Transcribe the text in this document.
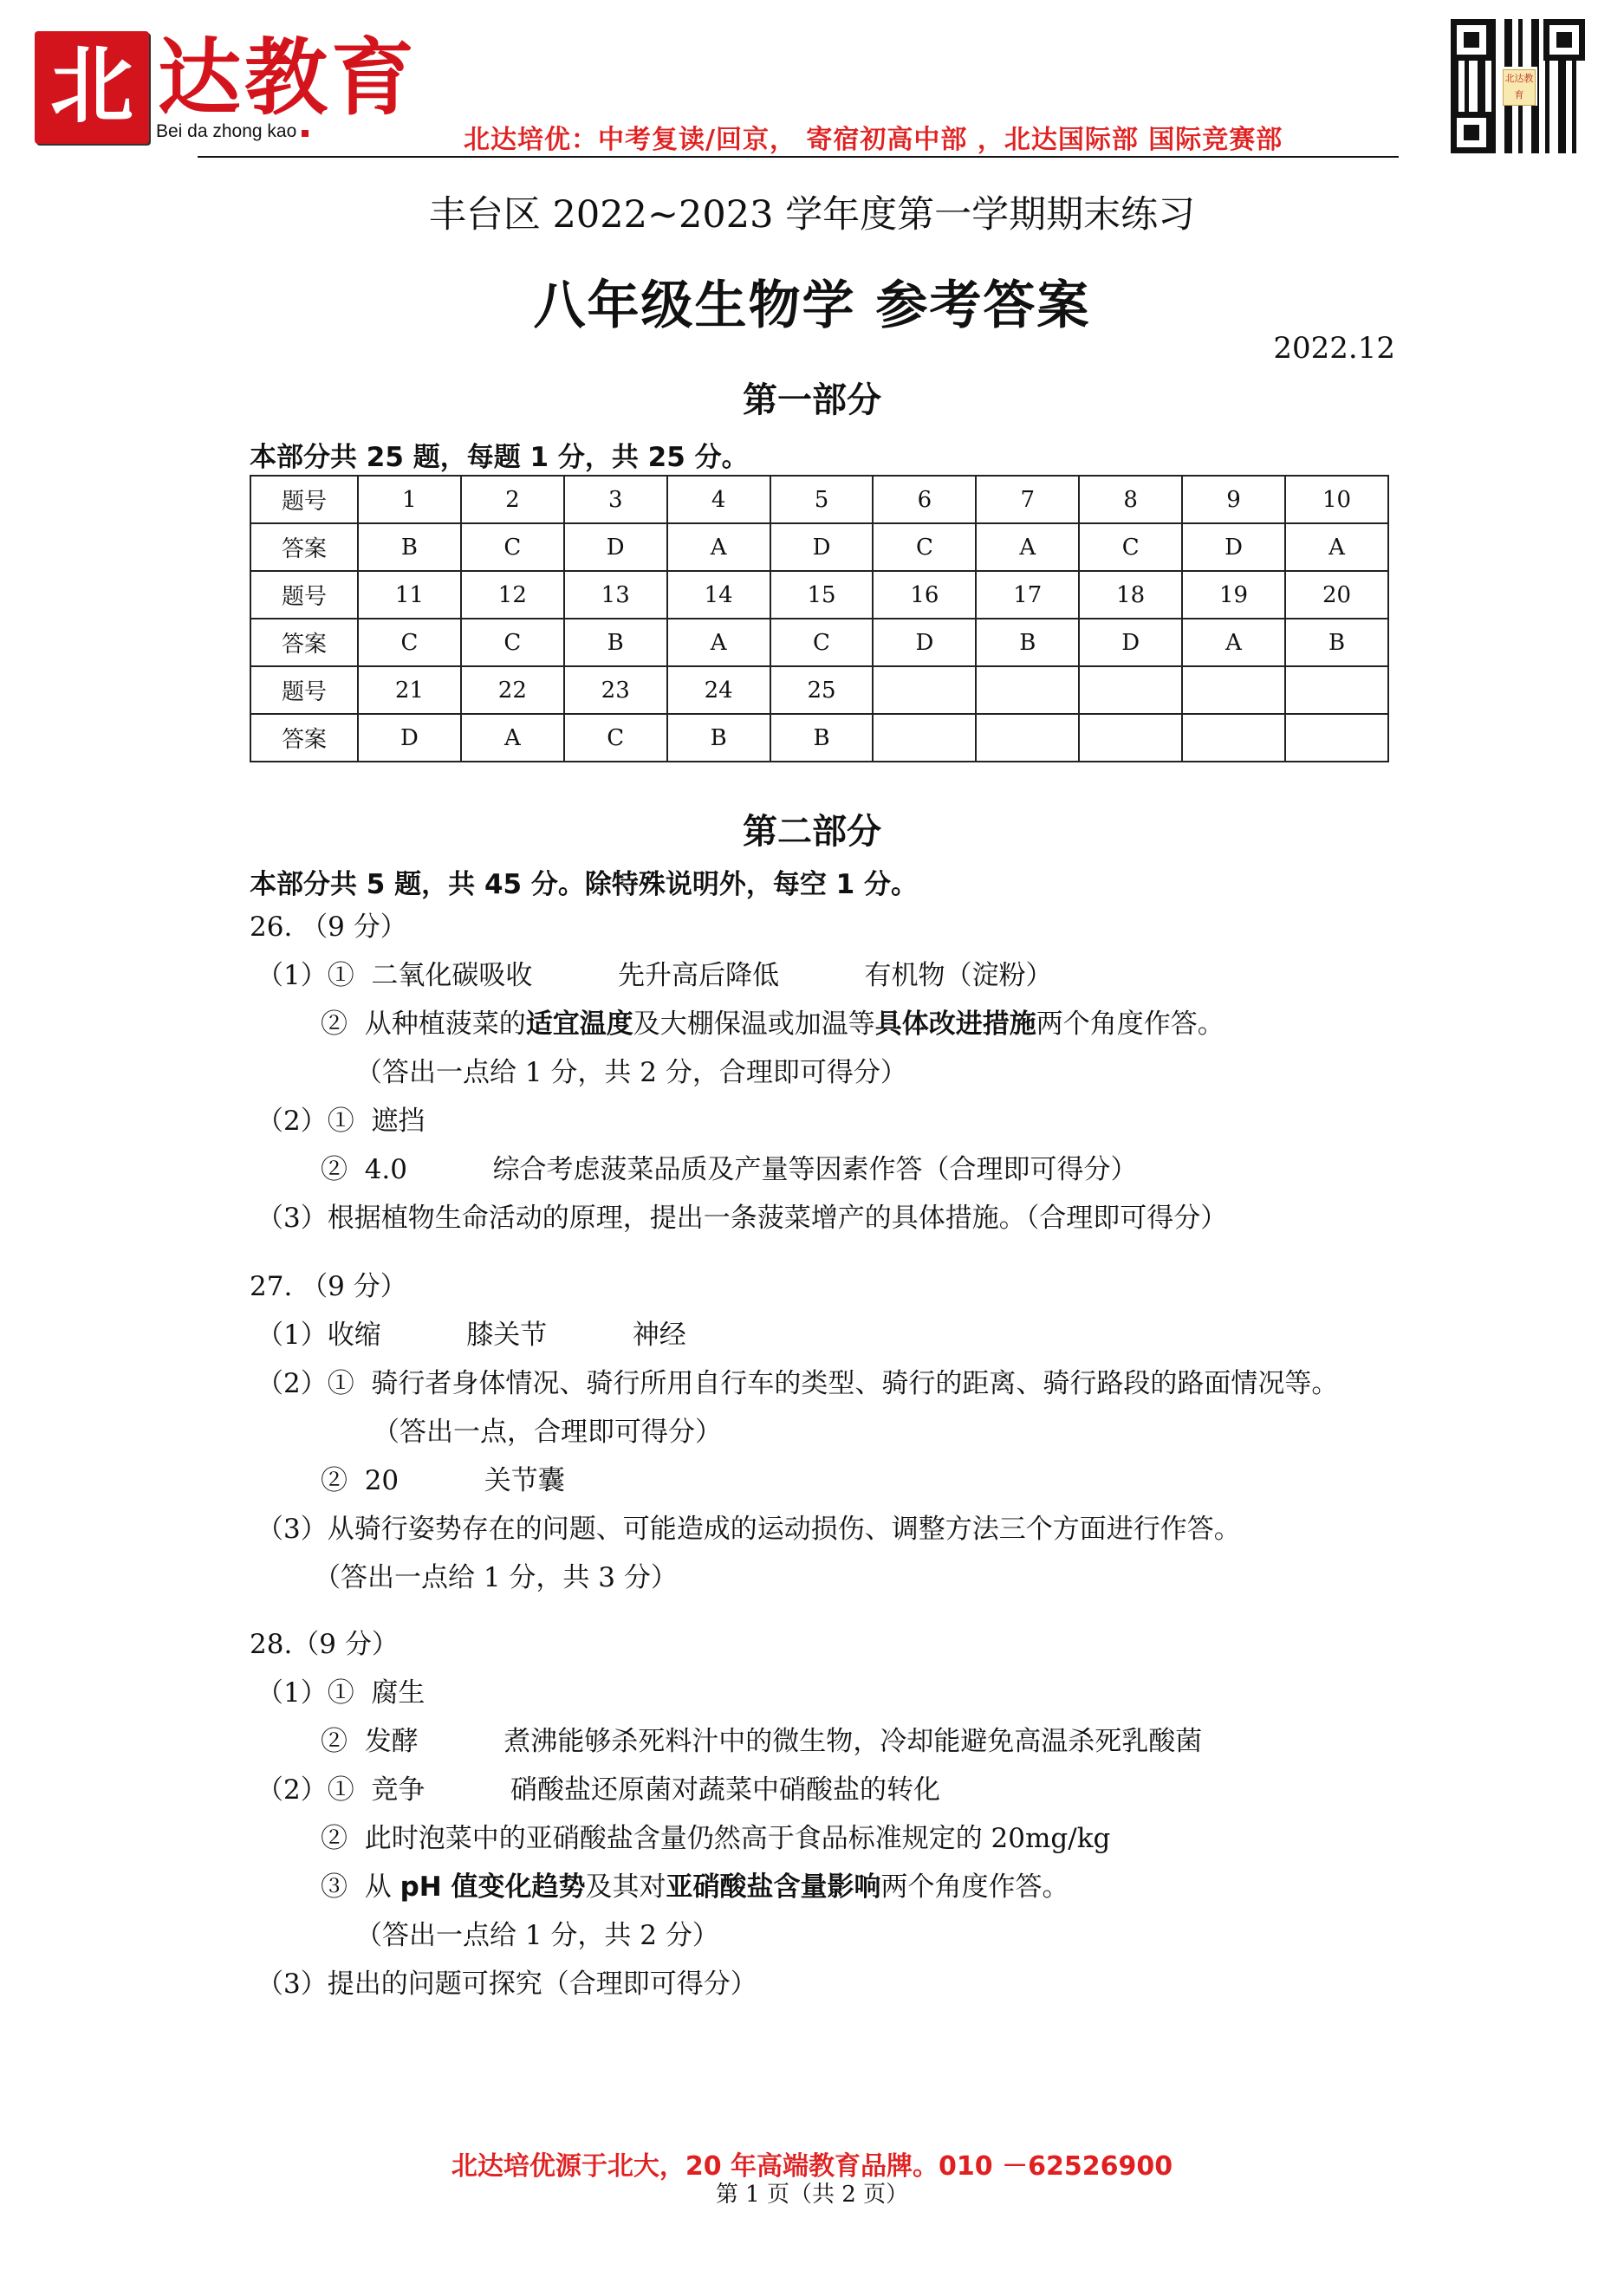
北 达教育
Bei da zhong kao	北达培优：中考复读/回京， 寄宿初高中部 ，北达国际部 国际竞赛部
北达教育
丰台区 2022~2023 学年度第一学期期末练习
八年级生物学 参考答案
2022.12
第一部分
本部分共 25 题，每题 1 分，共 25 分。
题号	1	2	3	4	5	6	7	8	9	10
答案	B	C	D	A	D	C	A	C	D	A
题号	11	12	13	14	15	16	17	18	19	20
答案	C	C	B	A	C	D	B	D	A	B
题号	21	22	23	24	25					
答案	D	A	C	B	B					
第二部分
本部分共 5 题，共 45 分。除特殊说明外，每空 1 分。
26. （9 分）
（1）①  二氧化碳吸收          先升高后降低          有机物（淀粉）
②  从种植菠菜的适宜温度及大棚保温或加温等具体改进措施两个角度作答。
（答出一点给 1 分，共 2 分，合理即可得分）
（2）①  遮挡
②  4.0          综合考虑菠菜品质及产量等因素作答（合理即可得分）
（3）根据植物生命活动的原理，提出一条菠菜增产的具体措施。（合理即可得分）
27. （9 分）
（1）收缩          膝关节          神经
（2）①  骑行者身体情况、骑行所用自行车的类型、骑行的距离、骑行路段的路面情况等。
（答出一点，合理即可得分）
②  20          关节囊
（3）从骑行姿势存在的问题、可能造成的运动损伤、调整方法三个方面进行作答。
（答出一点给 1 分，共 3 分）
28.（9 分）
（1）①  腐生
②  发酵          煮沸能够杀死料汁中的微生物，冷却能避免高温杀死乳酸菌
（2）①  竞争          硝酸盐还原菌对蔬菜中硝酸盐的转化
②  此时泡菜中的亚硝酸盐含量仍然高于食品标准规定的 20mg/kg
③  从 pH 值变化趋势及其对亚硝酸盐含量影响两个角度作答。
（答出一点给 1 分，共 2 分）
（3）提出的问题可探究（合理即可得分）
北达培优源于北大，20 年高端教育品牌。010 －62526900
第 1 页（共 2 页）
